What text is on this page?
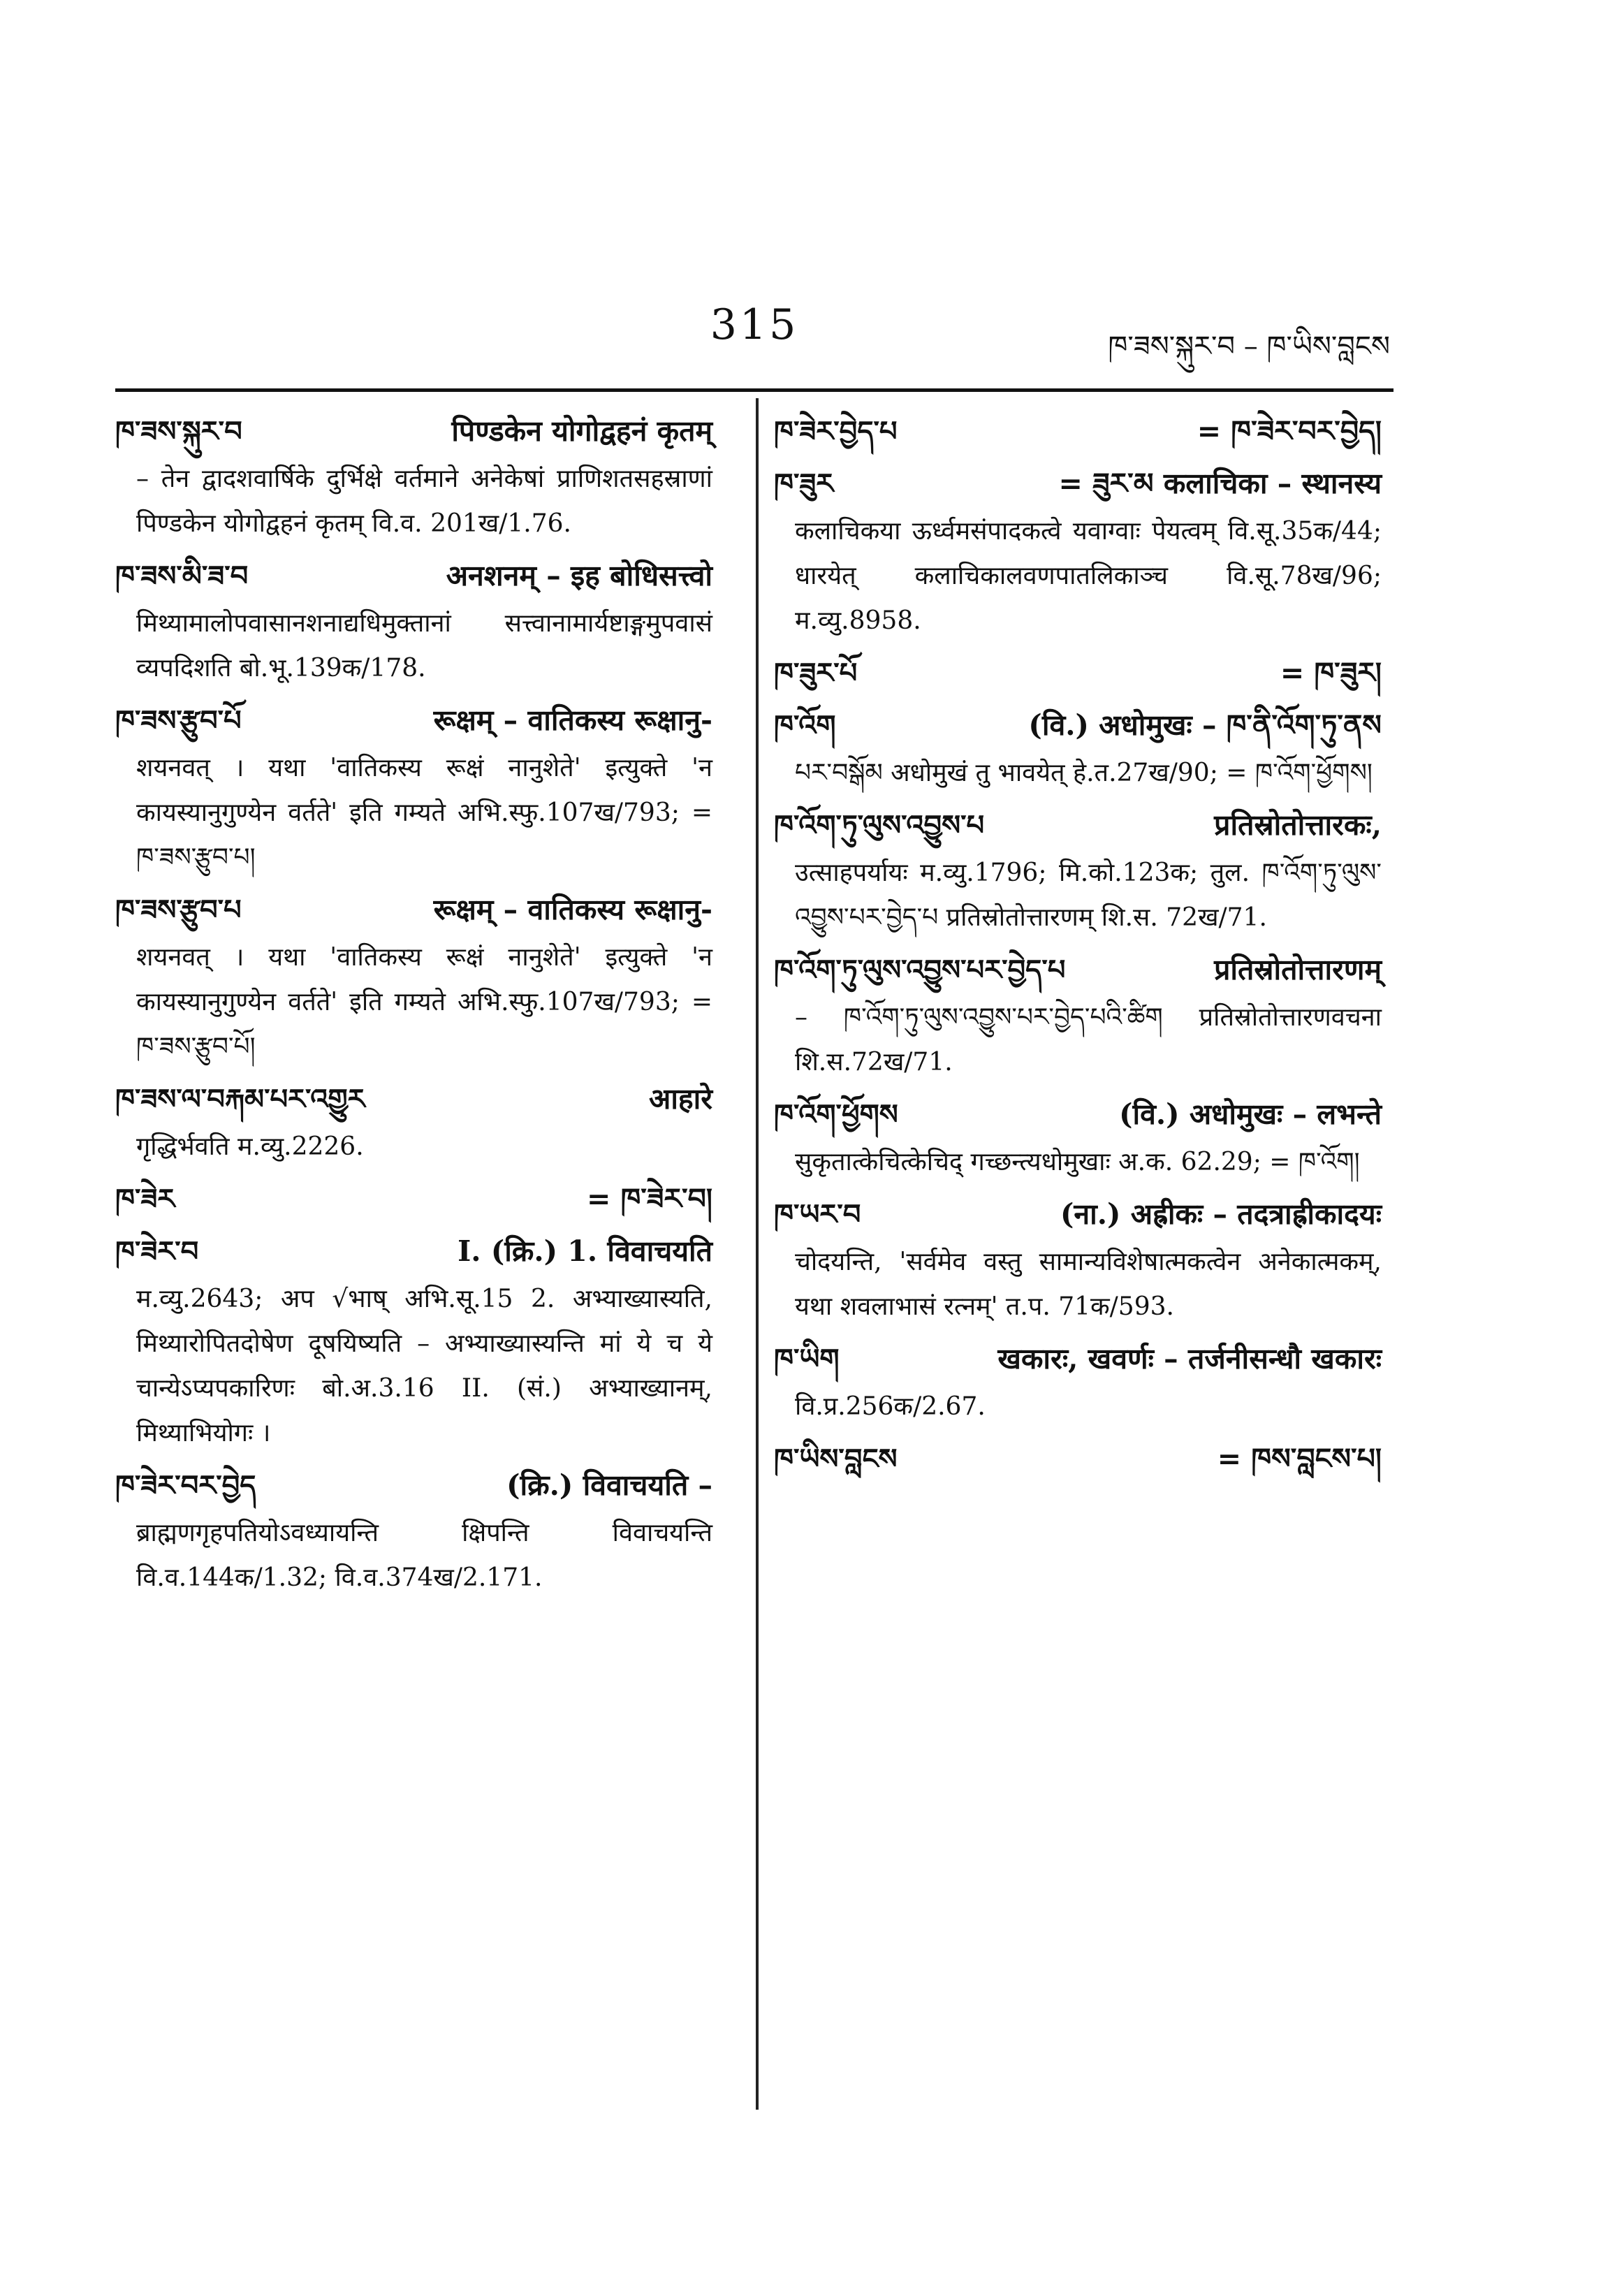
315	ཁ་ཟས་སྐུར་བ – ཁ་ཡིས་བླངས
ཁ་ཟས་སྐུར་བ	पिण्डकेन योगोद्वहनं कृतम्
– तेन द्वादशवार्षिके दुर्भिक्षे वर्तमाने अनेकेषां प्राणिशतसहस्राणां पिण्डकेन योगोद्वहनं कृतम् वि.व. 201ख/1.76.
ཁ་ཟས་མི་ཟ་བ	अनशनम् – इह बोधिसत्त्वो
मिथ्यामालोपवासानशनाद्यधिमुक्तानां सत्त्वानामार्यष्टाङ्गमुपवासं व्यपदिशति बो.भू.139क/178.
ཁ་ཟས་རྩུབ་པོ	रूक्षम् – वातिकस्य रूक्षानु-
शयनवत् । यथा 'वातिकस्य रूक्षं नानुशेते' इत्युक्ते 'न कायस्यानुगुण्येन वर्तते' इति गम्यते अभि.स्फु.107ख/793; = ཁ་ཟས་རྩུབ་པ།
ཁ་ཟས་རྩུབ་པ	रूक्षम् – वातिकस्य रूक्षानु-
शयनवत् । यथा 'वातिकस्य रूक्षं नानुशेते' इत्युक्ते 'न कायस्यानुगुण्येन वर्तते' इति गम्यते अभि.स्फु.107ख/793; = ཁ་ཟས་རྩུབ་པོ།
ཁ་ཟས་ལ་བརྐམ་པར་འགྱུར	आहारे
गृद्धिर्भवति म.व्यु.2226.
ཁ་ཟེར	= ཁ་ཟེར་བ།
ཁ་ཟེར་བ	I. (क्रि.) 1. विवाचयति
म.व्यु.2643; अप √भाष् अभि.सू.15 2. अभ्याख्यास्यति, मिथ्यारोपितदोषेण दूषयिष्यति – अभ्याख्यास्यन्ति मां ये च ये चान्येऽप्यपकारिणः बो.अ.3.16 II. (सं.) अभ्याख्यानम्, मिथ्याभियोगः ।
ཁ་ཟེར་བར་བྱེད	(क्रि.) विवाचयति –
ब्राह्मणगृहपतियोऽवध्यायन्ति क्षिपन्ति विवाचयन्ति वि.व.144क/1.32; वि.व.374ख/2.171.
ཁ་ཟེར་བྱེད་པ	= ཁ་ཟེར་བར་བྱེད།
ཁ་ཟུར	= ཟུར་མ कलाचिका – स्थानस्य
कलाचिकया ऊर्ध्वमसंपादकत्वे यवाग्वाः पेयत्वम् वि.सू.35क/44; धारयेत् कलाचिकालवणपातलिकाञ्च वि.सू.78ख/96; म.व्यु.8958.
ཁ་ཟུར་པོ	= ཁ་ཟུར།
ཁ་འོག	(वि.) अधोमुखः – ཁ་ནི་འོག་ཏུ་ནས
པར་བསྒོམ अधोमुखं तु भावयेत् हे.त.27ख/90; = ཁ་འོག་ཕྱོགས།
ཁ་འོག་ཏུ་ལུས་འབྱུས་པ	प्रतिस्रोतोत्तारकः,
उत्साहपर्यायः म.व्यु.1796; मि.को.123क; तुल. ཁ་འོག་ཏུ་ལུས་འབྱུས་པར་བྱེད་པ प्रतिस्रोतोत्तारणम् शि.स. 72ख/71.
ཁ་འོག་ཏུ་ལུས་འབྱུས་པར་བྱེད་པ	प्रतिस्रोतोत्तारणम्
– ཁ་འོག་ཏུ་ལུས་འབྱུས་པར་བྱེད་པའི་ཚིག प्रतिस्रोतोत्तारणवचना शि.स.72ख/71.
ཁ་འོག་ཕྱོགས	(वि.) अधोमुखः – लभन्ते
सुकृतात्केचित्केचिद् गच्छन्त्यधोमुखाः अ.क. 62.29; = ཁ་འོག།
ཁ་ཡར་བ	(ना.) अह्रीकः – तदत्राह्रीकादयः
चोदयन्ति, 'सर्वमेव वस्तु सामान्यविशेषात्मकत्वेन अनेकात्मकम्, यथा शवलाभासं रत्नम्' त.प. 71क/593.
ཁ་ཡིག	खकारः, खवर्णः – तर्जनीसन्धौ खकारः
वि.प्र.256क/2.67.
ཁ་ཡིས་བླངས	= ཁས་བླངས་པ།
